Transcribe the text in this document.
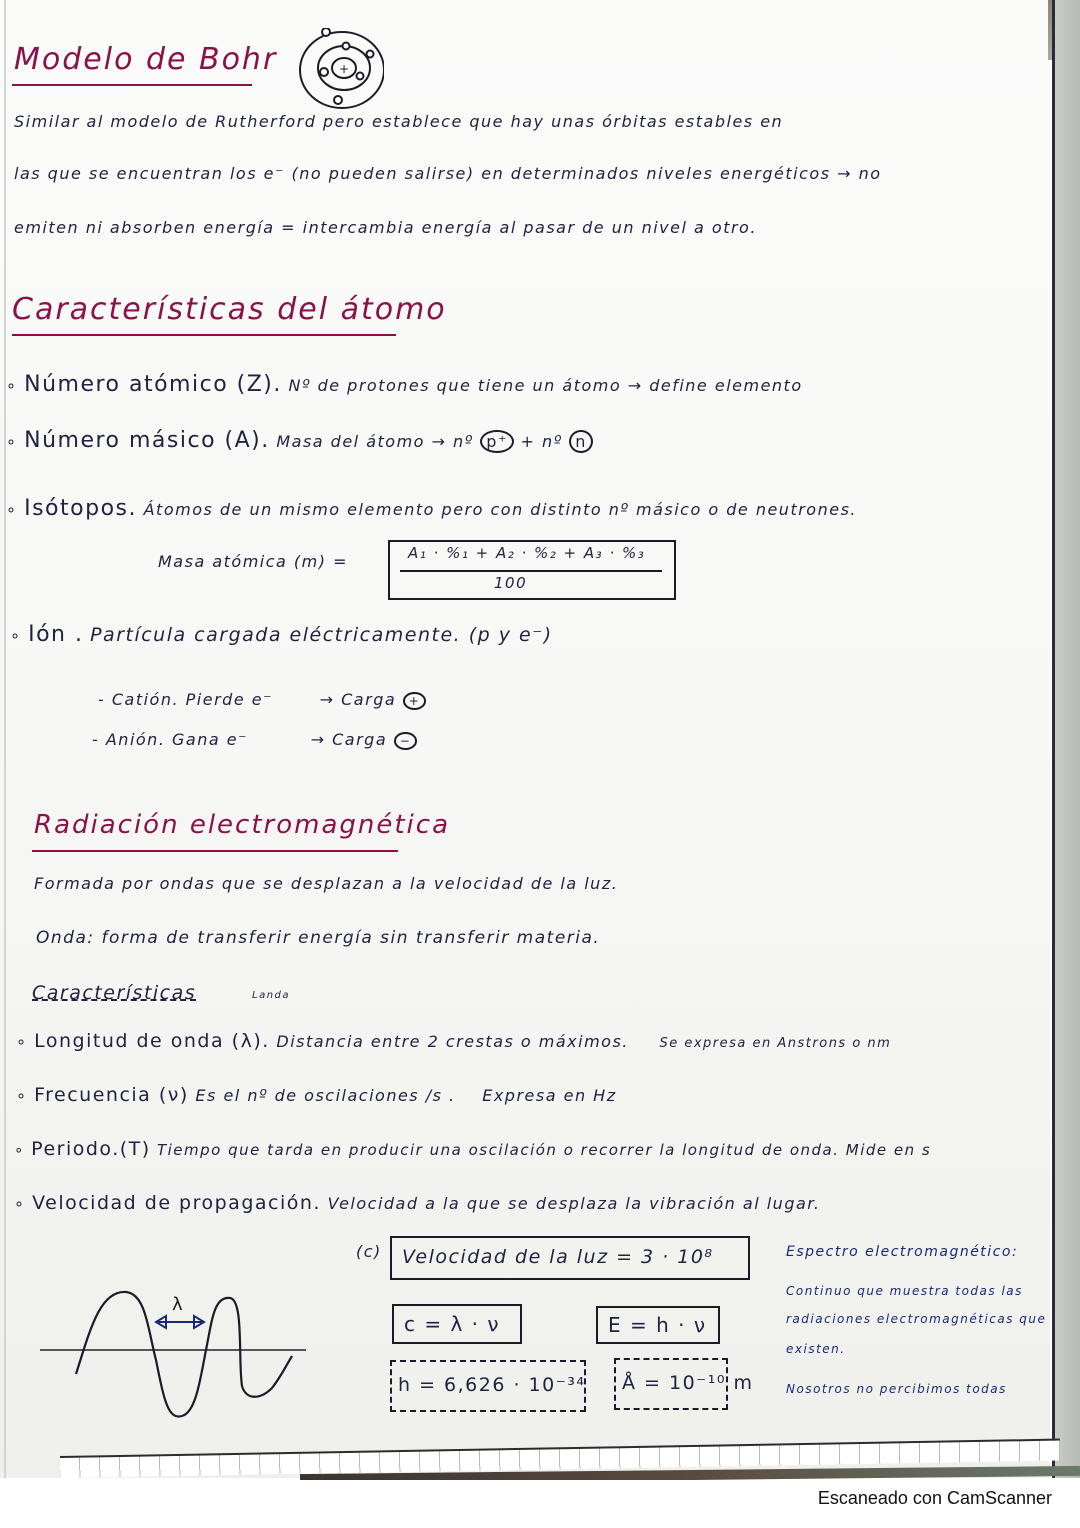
Modelo de Bohr	+
Similar al modelo de Rutherford pero establece que hay unas órbitas estables en
las que se encuentran los e⁻ (no pueden salirse) en determinados niveles energéticos → no
emiten ni absorben energía = intercambia energía al pasar de un nivel a otro.
Características del átomo
∘ Número atómico (Z). Nº de protones que tiene un átomo → define elemento
∘ Número másico (A). Masa del átomo → nº p⁺ + nº n
∘ Isótopos. Átomos de un mismo elemento pero con distinto nº másico o de neutrones.
Masa atómica (m) =	A₁ · %₁ + A₂ · %₂ + A₃ · %₃
100
∘ Ión . Partícula cargada eléctricamente. (p y e⁻)
- Catión. Pierde e⁻	→ Carga +
- Anión. Gana e⁻	→ Carga −
Radiación electromagnética
Formada por ondas que se desplazan a la velocidad de la luz.
Onda: forma de transferir energía sin transferir materia.
Características	Landa
∘ Longitud de onda (λ). Distancia entre 2 crestas o máximos. Se expresa en Anstrons o nm
∘ Frecuencia (ν) Es el nº de oscilaciones /s . Expresa en Hz
∘ Periodo.(T) Tiempo que tarda en producir una oscilación o recorrer la longitud de onda. Mide en s
∘ Velocidad de propagación. Velocidad a la que se desplaza la vibración al lugar.
(c) Velocidad de la luz = 3 · 10⁸
c = λ · ν	E = h · ν
h = 6,626 · 10⁻³⁴ Å = 10⁻¹⁰ m
λ
Espectro electromagnético:
Continuo que muestra todas las
radiaciones electromagnéticas que
existen.
Nosotros no percibimos todas
Escaneado con CamScanner
